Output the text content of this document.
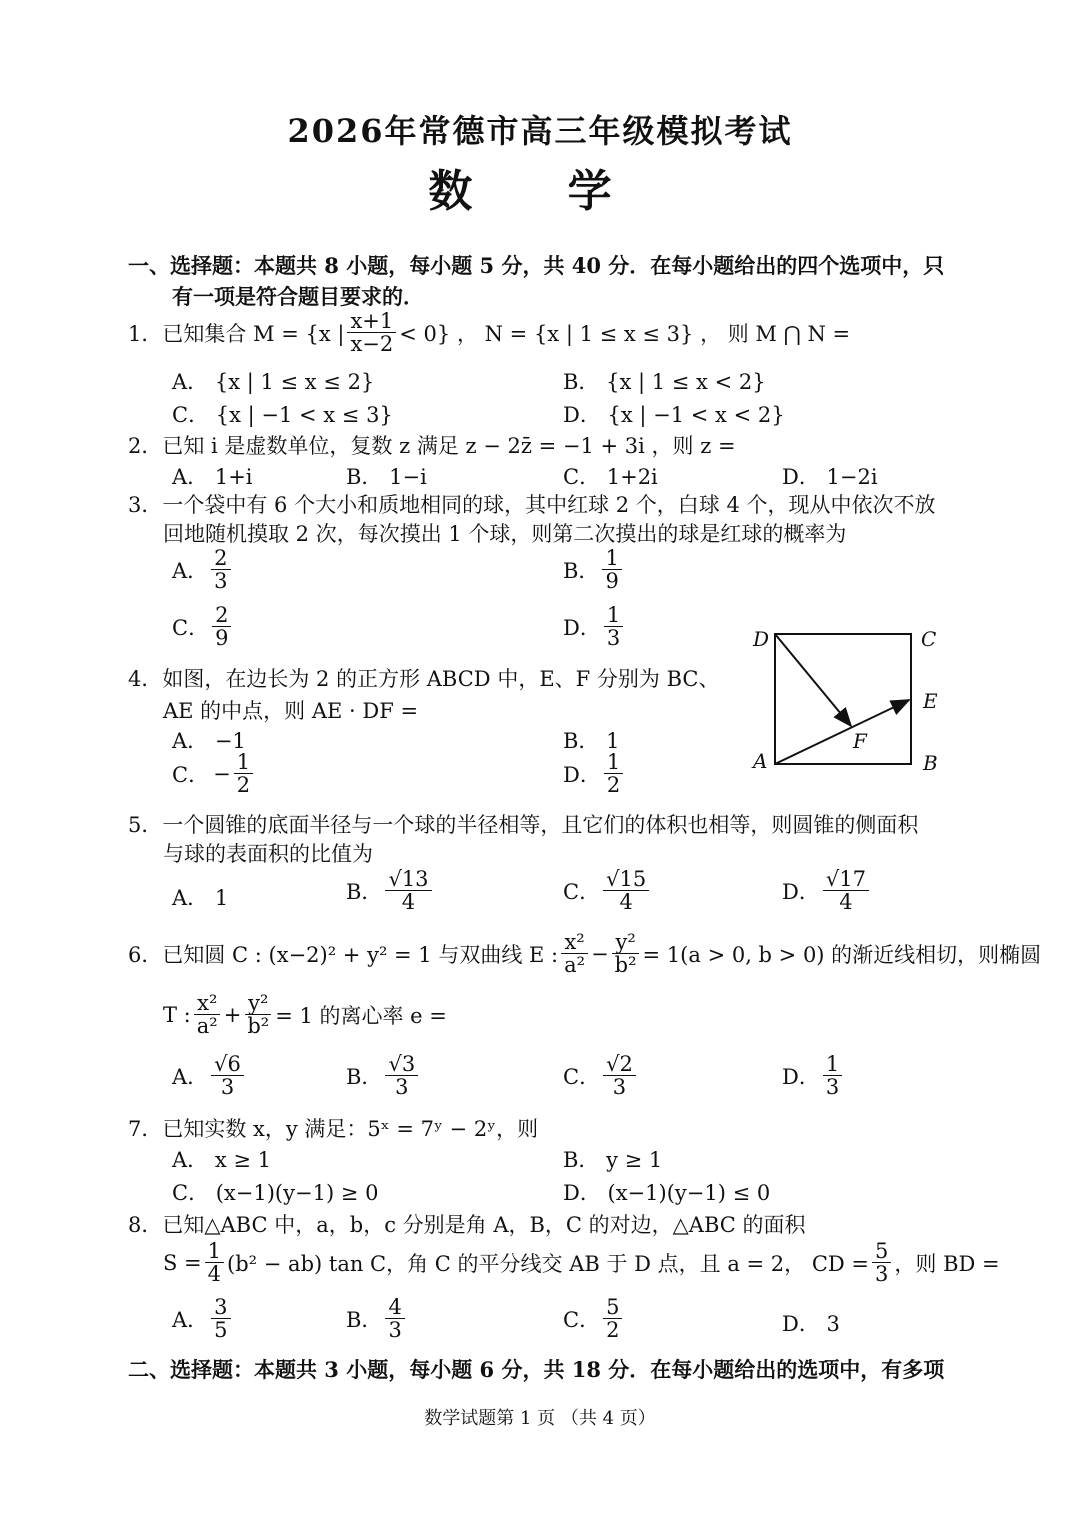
2026年常德市高三年级模拟考试
数 学
一、选择题：本题共 8 小题，每小题 5 分，共 40 分．在每小题给出的四个选项中，只
有一项是符合题目要求的．
1． 已知集合 M = {x | $\frac{x+1}{x-2} < 0$} ， N = {x | 1 ≤ x ≤ 3} ， 则 M ⋂ N =
A． {x | 1 ≤ x ≤ 2}	B． {x | 1 ≤ x < 2}
C． {x | −1 < x ≤ 3}	D． {x | −1 < x < 2}
2．已知 i 是虚数单位，复数 z 满足 z − 2z̄ = −1 + 3i ，则 z =
A． 1+i	B． 1−i	C． 1+2i	D． 1−2i
3．一个袋中有 6 个大小和质地相同的球，其中红球 2 个，白球 4 个，现从中依次不放
回地随机摸取 2 次，每次摸出 1 个球，则第二次摸出的球是红球的概率为
A． $\frac{2}{3}$	B． $\frac{1}{9}$
C． $\frac{2}{9}$	D． $\frac{1}{3}$	D	C
E
F
A	B
4．如图，在边长为 2 的正方形 ABCD 中，E、F 分别为 BC、
AE 的中点，则 AE · DF =
A． −1	B． 1
C． − $\frac{1}{2}$	D． $\frac{1}{2}$
5．一个圆锥的底面半径与一个球的半径相等，且它们的体积也相等，则圆锥的侧面积
与球的表面积的比值为
A． 1	B． $\frac{√13}{4}$	C． $\frac{√15}{4}$	D． $\frac{√17}{4}$
6．已知圆 C : (x−2)² + y² = 1 与双曲线 E : $\frac{\text{x²}}{\text{a²}} - \frac{\text{y²}}{\text{b²}} = 1(a > 0$, b > 0) 的渐近线相切，则椭圆
T : $\frac{\text{x²}}{\text{a²}} + \frac{\text{y²}}{\text{b²}} = 1$ 的离心率 e =
A． $\frac{√6}{3}$	B． $\frac{√3}{3}$	C． $\frac{√2}{3}$	D． $\frac{1}{3}$
7．已知实数 x，y 满足：5ˣ = 7ʸ − 2ʸ，则
A． x ≥ 1	B． y ≥ 1
C． (x−1)(y−1) ≥ 0	D． (x−1)(y−1) ≤ 0
8．已知△ABC 中，a，b，c 分别是角 A，B，C 的对边，△ABC 的面积
$S = \frac{1}{4} (b^2 - ab)$ tan C，角 C 的平分线交 AB 于 D 点，且 a = 2， CD = $\frac{5}{3}$ ，则 BD =
A． $\frac{3}{5}$	B． $\frac{4}{3}$	C． $\frac{5}{2}$	D． 3
二、选择题：本题共 3 小题，每小题 6 分，共 18 分．在每小题给出的选项中，有多项
数学试题第 1 页 （共 4 页）
